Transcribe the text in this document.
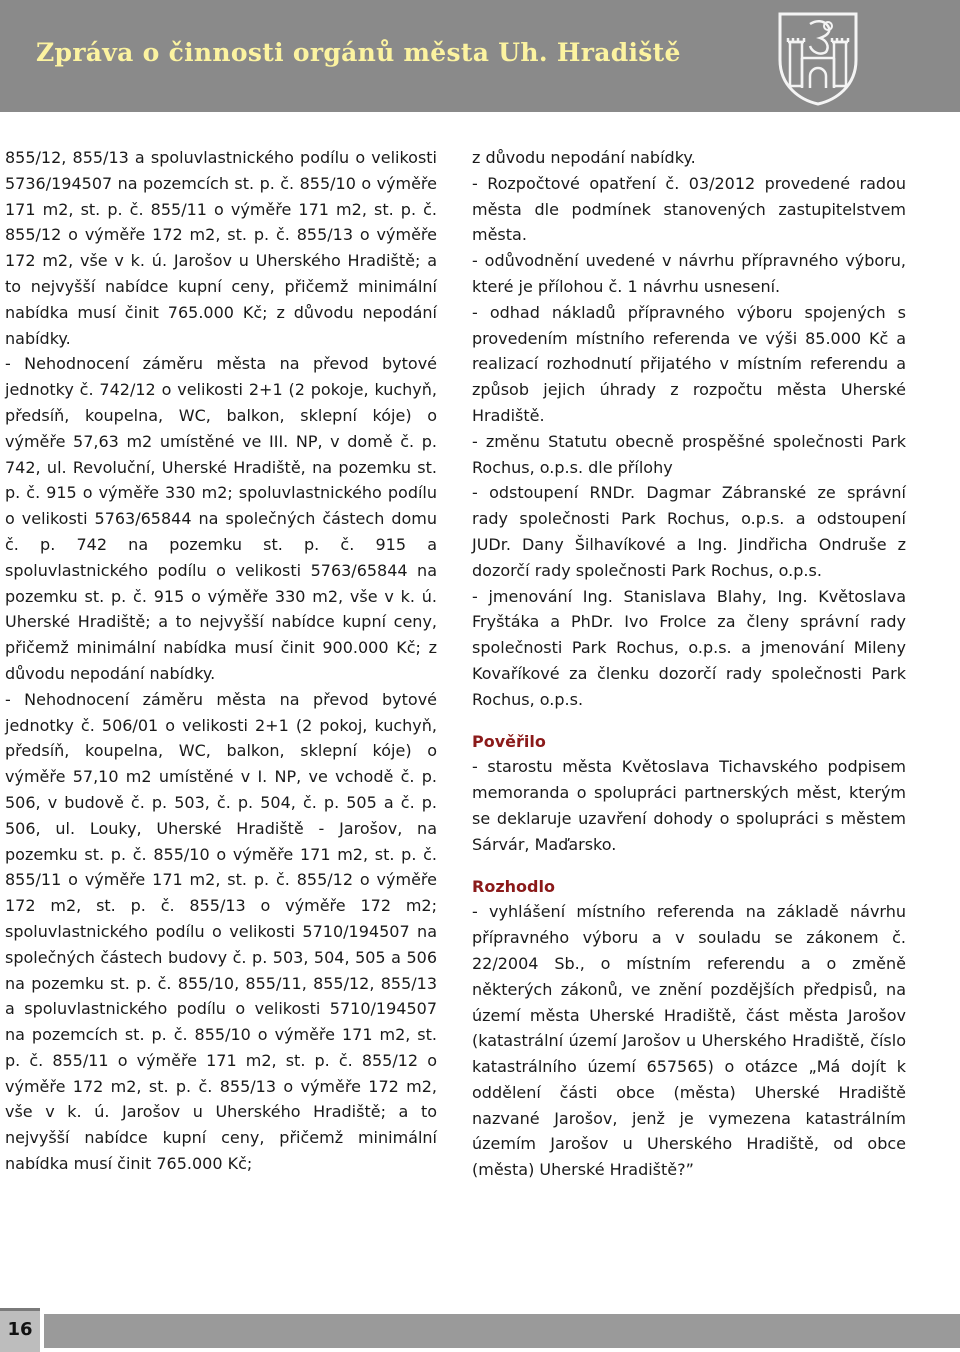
Zpráva o činnosti orgánů města Uh. Hradiště

855/12, 855/13 a spoluvlastnického podílu o velikosti 5736/194507 na pozemcích st. p. č. 855/10 o výměře 171 m2, st. p. č. 855/11 o výměře 171 m2, st. p. č. 855/12 o výměře 172 m2, st. p. č. 855/13 o výměře 172 m2, vše v k. ú. Jarošov u Uherského Hradiště; a to nejvyšší nabídce kupní ceny, přičemž minimální nabídka musí činit 765.000 Kč; z důvodu nepodání nabídky.

- Nehodnocení záměru města na převod bytové jednotky č. 742/12 o velikosti 2+1 (2 pokoje, kuchyň, předsíň, koupelna, WC, balkon, sklepní kóje) o výměře 57,63 m2 umístěné ve III. NP, v domě č. p. 742, ul. Revoluční, Uherské Hradiště, na pozemku st. p. č. 915 o výměře 330 m2; spoluvlastnického podílu o velikosti 5763/65844 na společných částech domu č. p. 742 na pozemku st. p. č. 915 a spoluvlastnického podílu o velikosti 5763/65844 na pozemku st. p. č. 915 o výměře 330 m2, vše v k. ú. Uherské Hradiště; a to nejvyšší nabídce kupní ceny, přičemž minimální nabídka musí činit 900.000 Kč; z důvodu nepodání nabídky.

- Nehodnocení záměru města na převod bytové jednotky č. 506/01 o velikosti 2+1 (2 pokoj, kuchyň, předsíň, koupelna, WC, balkon, sklepní kóje) o výměře 57,10 m2 umístěné v I. NP, ve vchodě č. p. 506, v budově č. p. 503, č. p. 504, č. p. 505 a č. p. 506, ul. Louky, Uherské Hradiště - Jarošov, na pozemku st. p. č. 855/10 o výměře 171 m2, st. p. č. 855/11 o výměře 171 m2, st. p. č. 855/12 o výměře 172 m2, st. p. č. 855/13 o výměře 172 m2; spoluvlastnického podílu o velikosti 5710/194507 na společných částech budovy č. p. 503, 504, 505 a 506 na pozemku st. p. č. 855/10, 855/11, 855/12, 855/13 a spoluvlastnického podílu o velikosti 5710/194507 na pozemcích st. p. č. 855/10 o výměře 171 m2, st. p. č. 855/11 o výměře 171 m2, st. p. č. 855/12 o výměře 172 m2, st. p. č. 855/13 o výměře 172 m2, vše v k. ú. Jarošov u Uherského Hradiště; a to nejvyšší nabídce kupní ceny, přičemž minimální nabídka musí činit 765.000 Kč;

z důvodu nepodání nabídky.

- Rozpočtové opatření č. 03/2012 provedené radou města dle podmínek stanovených zastupitelstvem města.

- odůvodnění uvedené v návrhu přípravného výboru, které je přílohou č. 1 návrhu usnesení.

- odhad nákladů přípravného výboru spojených s provedením místního referenda ve výši 85.000 Kč a realizací rozhodnutí přijatého v místním referendu a způsob jejich úhrady z rozpočtu města Uherské Hradiště.

- změnu Statutu obecně prospěšné společnosti Park Rochus, o.p.s. dle přílohy

- odstoupení RNDr. Dagmar Zábranské ze správní rady společnosti Park Rochus, o.p.s. a odstoupení JUDr. Dany Šilhavíkové a Ing. Jindřicha Ondruše z dozorčí rady společnosti Park Rochus, o.p.s.

- jmenování Ing. Stanislava Blahy, Ing. Květoslava Fryštáka a PhDr. Ivo Frolce za členy správní rady společnosti Park Rochus, o.p.s. a jmenování Mileny Kovaříkové za členku dozorčí rady společnosti Park Rochus, o.p.s.

Pověřilo

- starostu města Květoslava Tichavského podpisem memoranda o spolupráci partnerských měst, kterým se deklaruje uzavření dohody o spolupráci s městem Sárvár, Maďarsko.

Rozhodlo

- vyhlášení místního referenda na základě návrhu přípravného výboru a v souladu se zákonem č. 22/2004 Sb., o místním referendu a o změně některých zákonů, ve znění pozdějších předpisů, na území města Uherské Hradiště, část města Jarošov (katastrální území Jarošov u Uherského Hradiště, číslo katastrálního území 657565) o otázce „Má dojít k oddělení části obce (města) Uherské Hradiště nazvané Jarošov, jenž je vymezena katastrálním územím Jarošov u Uherského Hradiště, od obce (města) Uherské Hradiště?”

16
